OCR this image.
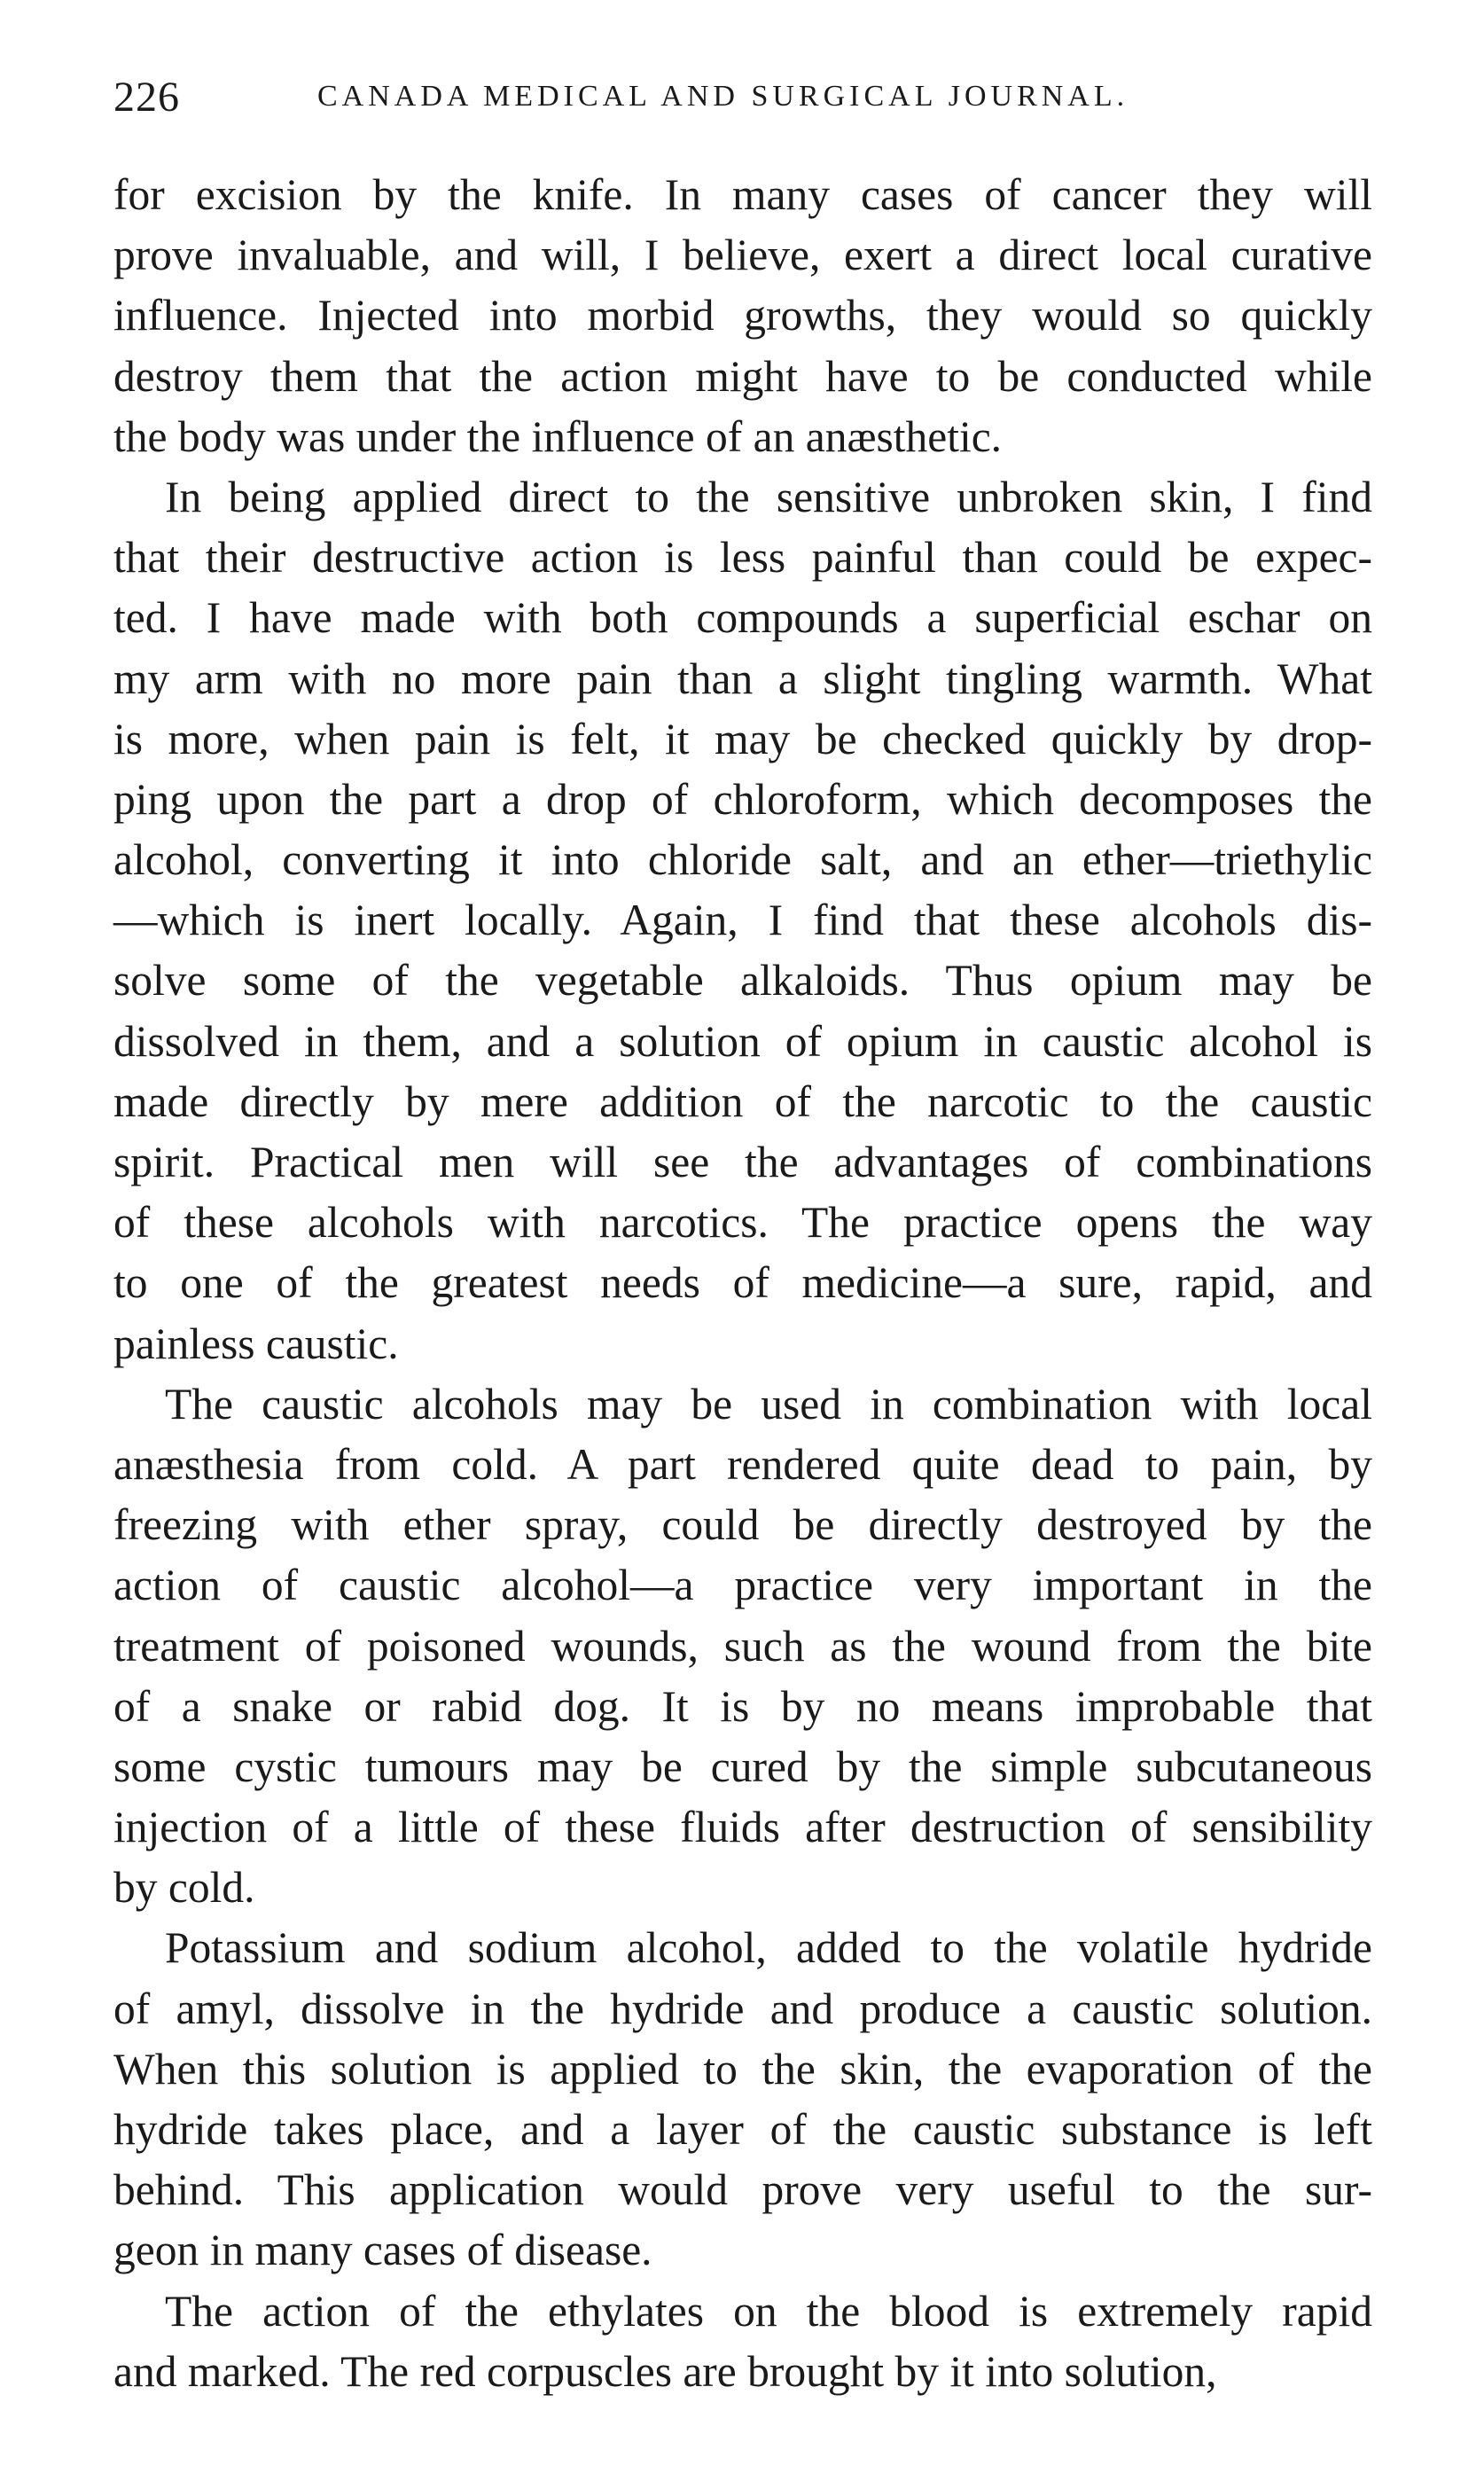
226	CANADA MEDICAL AND SURGICAL JOURNAL.
for excision by the knife. In many cases of cancer they will
prove invaluable, and will, I believe, exert a direct local curative
influence. Injected into morbid growths, they would so quickly
destroy them that the action might have to be conducted while
the body was under the influence of an anæsthetic.
In being applied direct to the sensitive unbroken skin, I find
that their destructive action is less painful than could be expec-
ted. I have made with both compounds a superficial eschar on
my arm with no more pain than a slight tingling warmth. What
is more, when pain is felt, it may be checked quickly by drop-
ping upon the part a drop of chloroform, which decomposes the
alcohol, converting it into chloride salt, and an ether—triethylic
—which is inert locally. Again, I find that these alcohols dis-
solve some of the vegetable alkaloids. Thus opium may be
dissolved in them, and a solution of opium in caustic alcohol is
made directly by mere addition of the narcotic to the caustic
spirit. Practical men will see the advantages of combinations
of these alcohols with narcotics. The practice opens the way
to one of the greatest needs of medicine—a sure, rapid, and
painless caustic.
The caustic alcohols may be used in combination with local
anæsthesia from cold. A part rendered quite dead to pain, by
freezing with ether spray, could be directly destroyed by the
action of caustic alcohol—a practice very important in the
treatment of poisoned wounds, such as the wound from the bite
of a snake or rabid dog. It is by no means improbable that
some cystic tumours may be cured by the simple subcutaneous
injection of a little of these fluids after destruction of sensibility
by cold.
Potassium and sodium alcohol, added to the volatile hydride
of amyl, dissolve in the hydride and produce a caustic solution.
When this solution is applied to the skin, the evaporation of the
hydride takes place, and a layer of the caustic substance is left
behind. This application would prove very useful to the sur-
geon in many cases of disease.
The action of the ethylates on the blood is extremely rapid
and marked. The red corpuscles are brought by it into solution,
